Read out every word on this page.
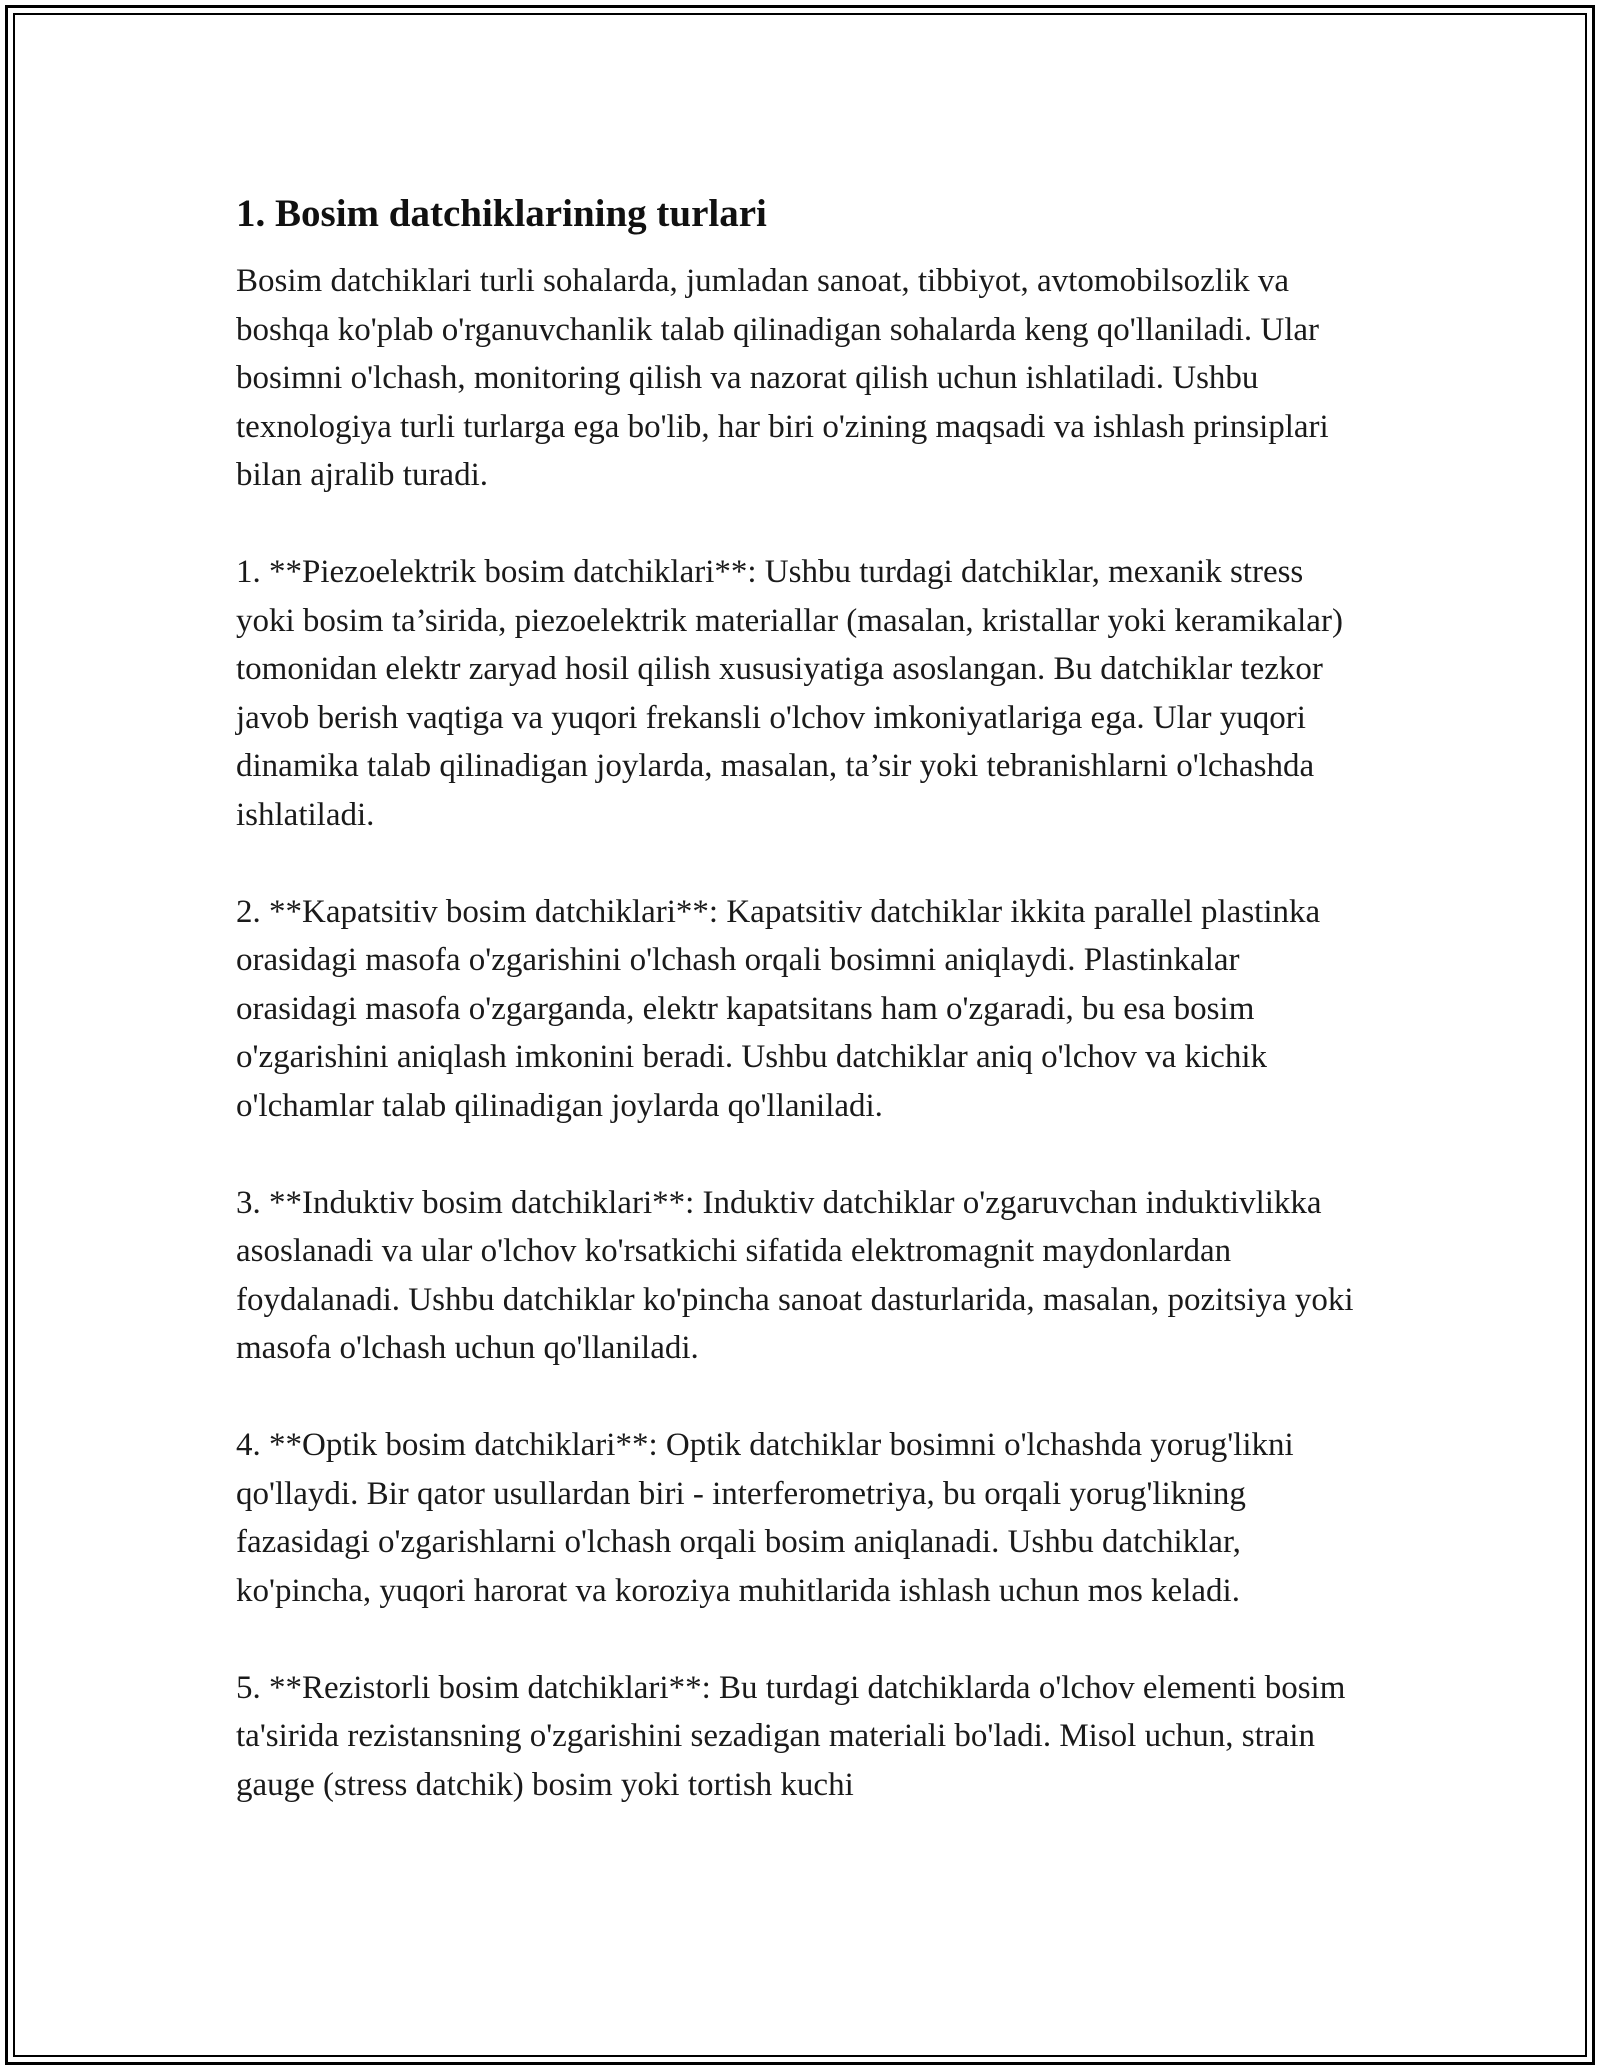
1. Bosim datchiklarining turlari

Bosim datchiklari turli sohalarda, jumladan sanoat, tibbiyot, avtomobilsozlik va boshqa ko'plab o'rganuvchanlik talab qilinadigan sohalarda keng qo'llaniladi. Ular bosimni o'lchash, monitoring qilish va nazorat qilish uchun ishlatiladi. Ushbu texnologiya turli turlarga ega bo'lib, har biri o'zining maqsadi va ishlash prinsiplari bilan ajralib turadi.

1. **Piezoelektrik bosim datchiklari**: Ushbu turdagi datchiklar, mexanik stress yoki bosim ta’sirida, piezoelektrik materiallar (masalan, kristallar yoki keramikalar) tomonidan elektr zaryad hosil qilish xususiyatiga asoslangan. Bu datchiklar tezkor javob berish vaqtiga va yuqori frekansli o'lchov imkoniyatlariga ega. Ular yuqori dinamika talab qilinadigan joylarda, masalan, ta’sir yoki tebranishlarni o'lchashda ishlatiladi.

2. **Kapatsitiv bosim datchiklari**: Kapatsitiv datchiklar ikkita parallel plastinka orasidagi masofa o'zgarishini o'lchash orqali bosimni aniqlaydi. Plastinkalar orasidagi masofa o'zgarganda, elektr kapatsitans ham o'zgaradi, bu esa bosim o'zgarishini aniqlash imkonini beradi. Ushbu datchiklar aniq o'lchov va kichik o'lchamlar talab qilinadigan joylarda qo'llaniladi.

3. **Induktiv bosim datchiklari**: Induktiv datchiklar o'zgaruvchan induktivlikka asoslanadi va ular o'lchov ko'rsatkichi sifatida elektromagnit maydonlardan foydalanadi. Ushbu datchiklar ko'pincha sanoat dasturlarida, masalan, pozitsiya yoki masofa o'lchash uchun qo'llaniladi.

4. **Optik bosim datchiklari**: Optik datchiklar bosimni o'lchashda yorug'likni qo'llaydi. Bir qator usullardan biri - interferometriya, bu orqali yorug'likning fazasidagi o'zgarishlarni o'lchash orqali bosim aniqlanadi. Ushbu datchiklar, ko'pincha, yuqori harorat va koroziya muhitlarida ishlash uchun mos keladi.

5. **Rezistorli bosim datchiklari**: Bu turdagi datchiklarda o'lchov elementi bosim ta'sirida rezistansning o'zgarishini sezadigan materiali bo'ladi. Misol uchun, strain gauge (stress datchik) bosim yoki tortish kuchi
